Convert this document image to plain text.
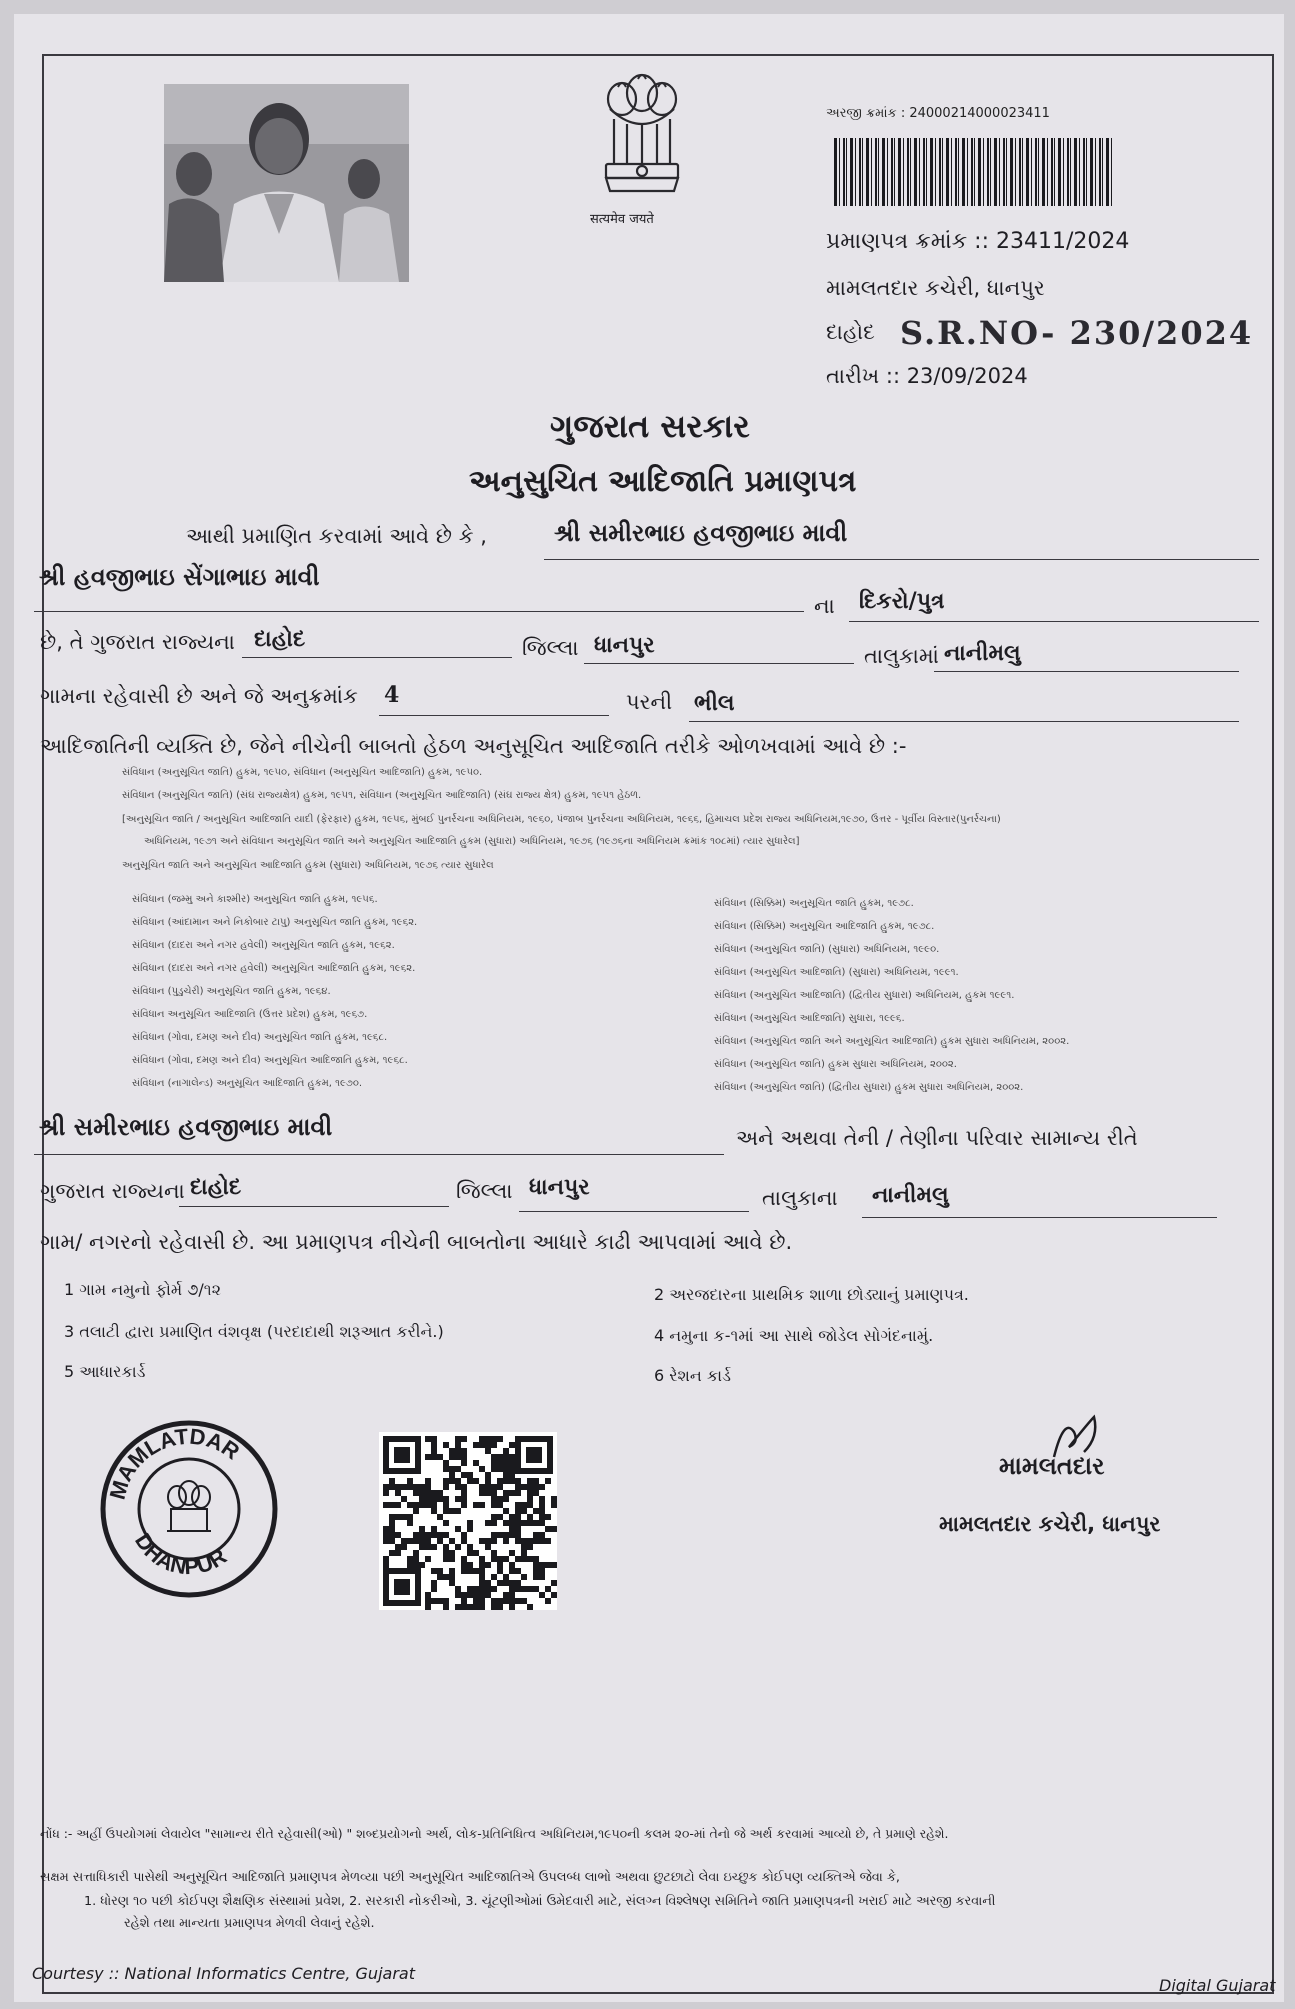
सत्यमेव जयते
અરજી ક્રમાંક : 24000214000023411
પ્રમાણપત્ર ક્રમાંક :: 23411/2024
મામલતદાર કચેરી, ધાનપુર
દાહોદ S.R.NO- 230/2024
તારીખ :: 23/09/2024
ગુજરાત સરકાર
અનુસુચિત આદિજાતિ પ્રમાણપત્ર
આથી પ્રમાણિત કરવામાં આવે છે કે ,	શ્રી સમીરભાઇ હવજીભાઇ માવી
શ્રી હવજીભાઇ સેંગાભાઇ માવી
ના દિકરો/પુત્ર
છે, તે ગુજરાત રાજ્યના દાહોદ	જિલ્લા ધાનપુર	તાલુકામાં નાનીમલુ
ગામના રહેવાસી છે અને જે અનુક્રમાંક 4	પરની ભીલ
આદિજાતિની વ્યક્તિ છે, જેને નીચેની બાબતો હેઠળ અનુસૂચિત આદિજાતિ તરીકે ઓળખવામાં આવે છે :-
સંવિધાન (અનુસૂચિત જાતિ) હુકમ, ૧૯૫૦, સંવિધાન (અનુસૂચિત આદિજાતિ) હુકમ, ૧૯૫૦.
સંવિધાન (અનુસૂચિત જાતિ) (સંઘ રાજ્યક્ષેત્ર) હુકમ, ૧૯૫૧, સંવિધાન (અનુસૂચિત આદિજાતિ) (સંઘ રાજ્ય ક્ષેત્ર) હુકમ, ૧૯૫૧ હેઠળ.
[અનુસૂચિત જાતિ / અનુસૂચિત આદિજાતિ યાદી (ફેરફાર) હુકમ, ૧૯૫૬, મુંબઈ પુનર્રચના અધિનિયમ, ૧૯૬૦, પંજાબ પુનર્રચના અધિનિયમ, ૧૯૬૬, હિમાચલ પ્રદેશ રાજ્ય અધિનિયમ,૧૯૭૦, ઉત્તર - પૂર્વીય વિસ્તાર(પુનર્રચના)
અધિનિયમ, ૧૯૭૧ અને સંવિધાન અનુસૂચિત જાતિ અને અનુસૂચિત આદિજાતિ હુકમ (સુધારા) અધિનિયમ, ૧૯૭૬ (૧૯૭૬ના અધિનિયમ ક્રમાંક ૧૦૮માં) ત્યાર સુધારેલ]
અનુસૂચિત જાતિ અને અનુસૂચિત આદિજાતિ હુકમ (સુધારા) અધિનિયમ, ૧૯૭૬ ત્યાર સુધારેલ
સંવિધાન (જમ્મુ અને કાશ્મીર) અનુસૂચિત જાતિ હુકમ, ૧૯૫૬.
સંવિધાન (આંદામાન અને નિકોબાર ટાપુ) અનુસૂચિત જાતિ હુકમ, ૧૯૬૨.
સંવિધાન (દાદરા અને નગર હવેલી) અનુસૂચિત જાતિ હુકમ, ૧૯૬૨.
સંવિધાન (દાદરા અને નગર હવેલી) અનુસૂચિત આદિજાતિ હુકમ, ૧૯૬૨.
સંવિધાન (પુડુચેરી) અનુસૂચિત જાતિ હુકમ, ૧૯૬૪.
સંવિધાન અનુસૂચિત આદિજાતિ (ઉત્તર પ્રદેશ) હુકમ, ૧૯૬૭.
સંવિધાન (ગોવા, દમણ અને દીવ) અનુસૂચિત જાતિ હુકમ, ૧૯૬૮.
સંવિધાન (ગોવા, દમણ અને દીવ) અનુસૂચિત આદિજાતિ હુકમ, ૧૯૬૮.
સંવિધાન (નાગાલેન્ડ) અનુસૂચિત આદિજાતિ હુકમ, ૧૯૭૦.
સંવિધાન (સિક્કિમ) અનુસૂચિત જાતિ હુકમ, ૧૯૭૮.
સંવિધાન (સિક્કિમ) અનુસૂચિત આદિજાતિ હુકમ, ૧૯૭૮.
સંવિધાન (અનુસૂચિત જાતિ) (સુધારા) અધિનિયમ, ૧૯૯૦.
સંવિધાન (અનુસૂચિત આદિજાતિ) (સુધારા) અધિનિયમ, ૧૯૯૧.
સંવિધાન (અનુસૂચિત આદિજાતિ) (દ્વિતીય સુધારા) અધિનિયમ, હુકમ ૧૯૯૧.
સંવિધાન (અનુસૂચિત આદિજાતિ) સુધારા, ૧૯૯૬.
સંવિધાન (અનુસૂચિત જાતિ અને અનુસૂચિત આદિજાતિ) હુકમ સુધારા અધિનિયમ, ૨૦૦૨.
સંવિધાન (અનુસૂચિત જાતિ) હુકમ સુધારા અધિનિયમ, ૨૦૦૨.
સંવિધાન (અનુસૂચિત જાતિ) (દ્વિતીય સુધારા) હુકમ સુધારા અધિનિયમ, ૨૦૦૨.
શ્રી સમીરભાઇ હવજીભાઇ માવી	અને અથવા તેની / તેણીના પરિવાર સામાન્ય રીતે
ગુજરાત રાજ્યના દાહોદ	જિલ્લા ધાનપુર	તાલુકાના નાનીમલુ
ગામ/ નગરનો રહેવાસી છે. આ પ્રમાણપત્ર નીચેની બાબતોના આધારે કાઢી આપવામાં આવે છે.
1 ગામ નમુનો ફોર્મ ૭/૧૨	2 અરજદારના પ્રાથમિક શાળા છોડ્યાનું પ્રમાણપત્ર.
3 તલાટી દ્વારા પ્રમાણિત વંશવૃક્ષ (પરદાદાથી શરૂઆત કરીને.)	4 નમુના ક-૧માં આ સાથે જોડેલ સોગંદનામું.
5 આધારકાર્ડ	6 રેશન કાર્ડ
MAMLATDAR
DHANPUR
મામલતદાર
મામલતદાર કચેરી, ધાનપુર
નોંધ :- અહીં ઉપયોગમાં લેવાયેલ "સામાન્ય રીતે રહેવાસી(ઓ) " શબ્દપ્રયોગનો અર્થ, લોક-પ્રતિનિધિત્વ અધિનિયમ,૧૯૫૦ની કલમ ૨૦-માં તેનો જે અર્થ કરવામાં આવ્યો છે, તે પ્રમાણે રહેશે.
સક્ષમ સત્તાધિકારી પાસેથી અનુસૂચિત આદિજાતિ પ્રમાણપત્ર મેળવ્યા પછી અનુસૂચિત આદિજાતિએ ઉપલબ્ધ લાભો અથવા છુટછાટો લેવા ઇચ્છુક કોઈપણ વ્યક્તિએ જેવા કે,
1. ધોરણ ૧૦ પછી કોઈપણ શૈક્ષણિક સંસ્થામાં પ્રવેશ, 2. સરકારી નોકરીઓ, 3. ચૂંટણીઓમાં ઉમેદવારી માટે, સંલગ્ન વિશ્લેષણ સમિતિને જાતિ પ્રમાણપત્રની ખરાઈ માટે અરજી કરવાની
રહેશે તથા માન્યતા પ્રમાણપત્ર મેળવી લેવાનું રહેશે.
Courtesy :: National Informatics Centre, Gujarat
Digital Gujarat
